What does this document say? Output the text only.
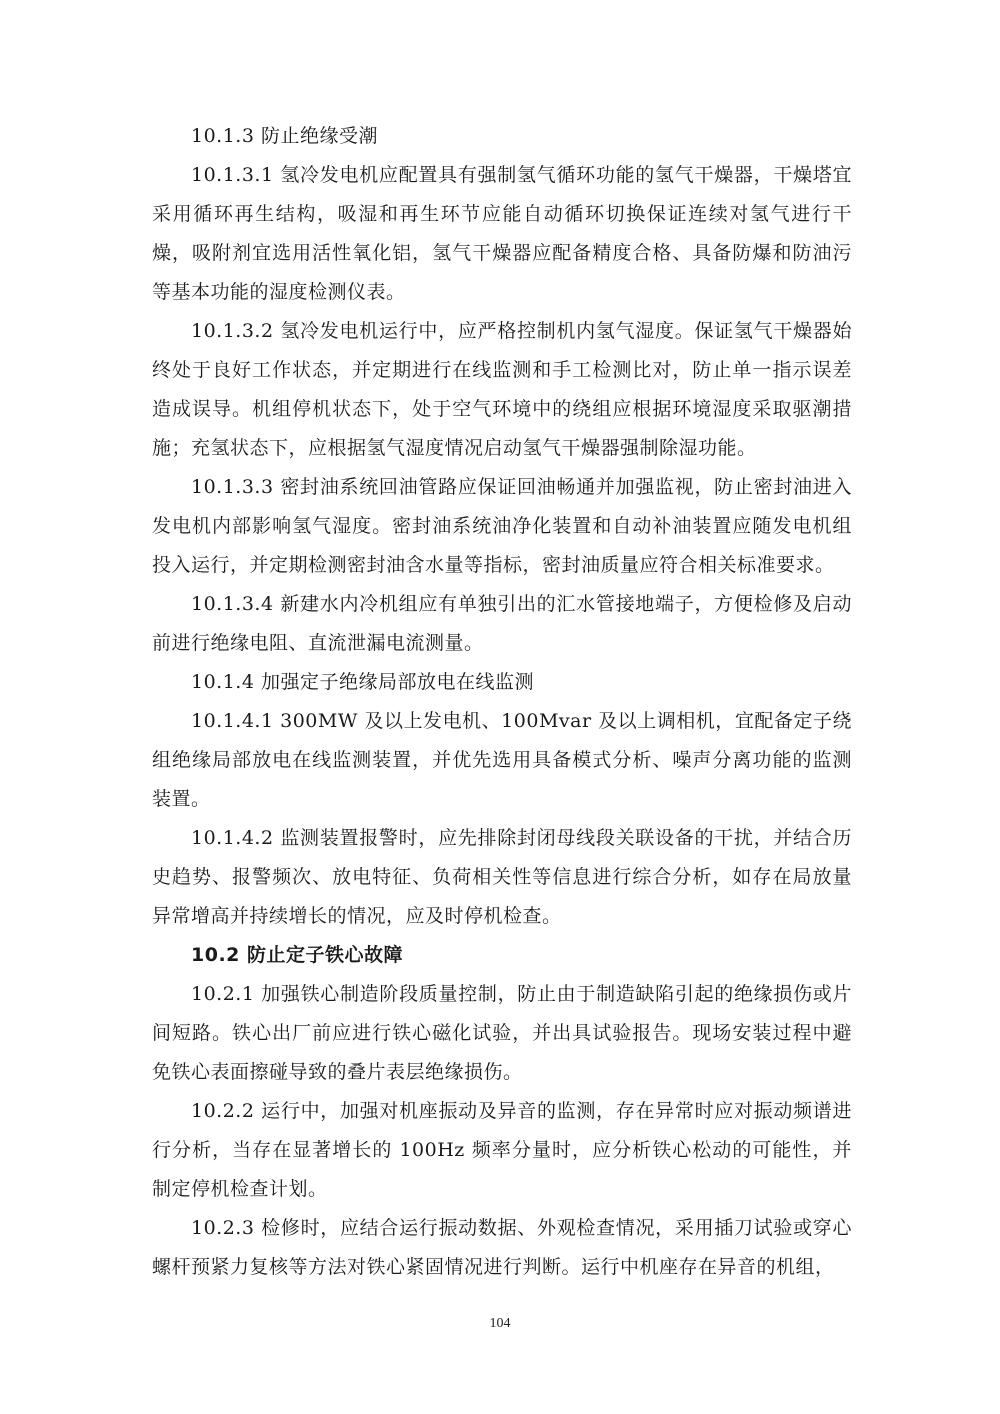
10.1.3 防止绝缘受潮

10.1.3.1 氢冷发电机应配置具有强制氢气循环功能的氢气干燥器，干燥塔宜采用循环再生结构，吸湿和再生环节应能自动循环切换保证连续对氢气进行干燥，吸附剂宜选用活性氧化铝，氢气干燥器应配备精度合格、具备防爆和防油污等基本功能的湿度检测仪表。

10.1.3.2 氢冷发电机运行中，应严格控制机内氢气湿度。保证氢气干燥器始终处于良好工作状态，并定期进行在线监测和手工检测比对，防止单一指示误差造成误导。机组停机状态下，处于空气环境中的绕组应根据环境湿度采取驱潮措施；充氢状态下，应根据氢气湿度情况启动氢气干燥器强制除湿功能。

10.1.3.3 密封油系统回油管路应保证回油畅通并加强监视，防止密封油进入发电机内部影响氢气湿度。密封油系统油净化装置和自动补油装置应随发电机组投入运行，并定期检测密封油含水量等指标，密封油质量应符合相关标准要求。

10.1.3.4 新建水内冷机组应有单独引出的汇水管接地端子，方便检修及启动前进行绝缘电阻、直流泄漏电流测量。

10.1.4 加强定子绝缘局部放电在线监测

10.1.4.1 300MW 及以上发电机、100Mvar 及以上调相机，宜配备定子绕组绝缘局部放电在线监测装置，并优先选用具备模式分析、噪声分离功能的监测装置。

10.1.4.2 监测装置报警时，应先排除封闭母线段关联设备的干扰，并结合历史趋势、报警频次、放电特征、负荷相关性等信息进行综合分析，如存在局放量异常增高并持续增长的情况，应及时停机检查。

10.2 防止定子铁心故障

10.2.1 加强铁心制造阶段质量控制，防止由于制造缺陷引起的绝缘损伤或片间短路。铁心出厂前应进行铁心磁化试验，并出具试验报告。现场安装过程中避免铁心表面擦碰导致的叠片表层绝缘损伤。

10.2.2 运行中，加强对机座振动及异音的监测，存在异常时应对振动频谱进行分析，当存在显著增长的 100Hz 频率分量时，应分析铁心松动的可能性，并制定停机检查计划。

10.2.3 检修时，应结合运行振动数据、外观检查情况，采用插刀试验或穿心螺杆预紧力复核等方法对铁心紧固情况进行判断。运行中机座存在异音的机组，

104
